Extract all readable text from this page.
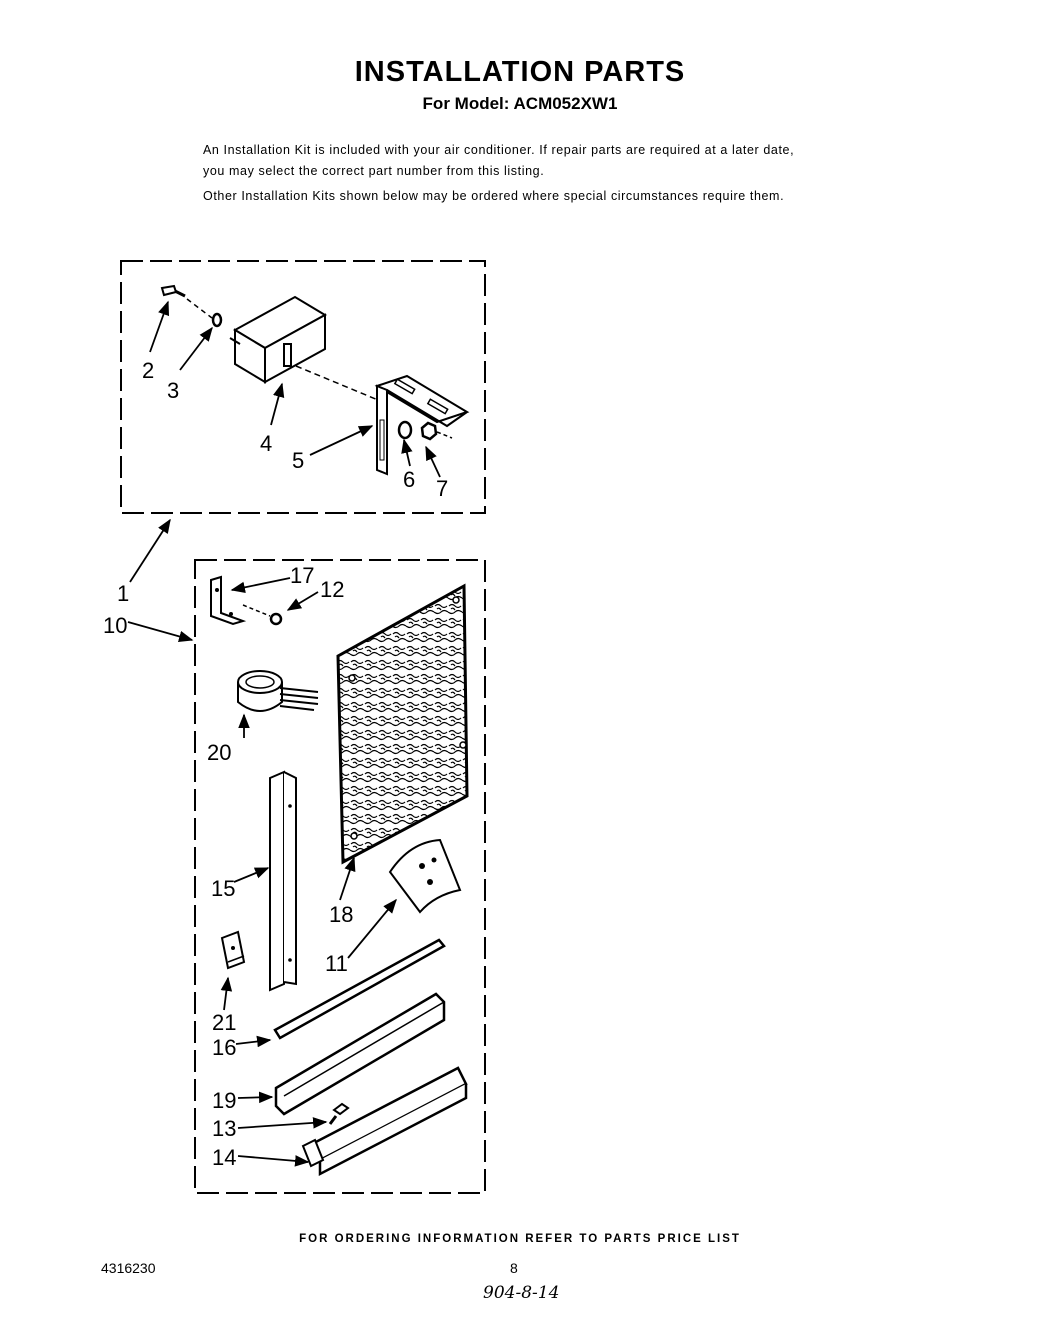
INSTALLATION PARTS
For Model: ACM052XW1

An Installation Kit is included with your air conditioner. If repair parts are required at a later date, you may select the correct part number from this listing.

Other Installation Kits shown below may be ordered where special circumstances require them.

2
3
4
5
6 7
1
10
17
12
20
15
18
11
21
16
19
13
14
FOR ORDERING INFORMATION REFER TO PARTS PRICE LIST
4316230	8
904-8-14
